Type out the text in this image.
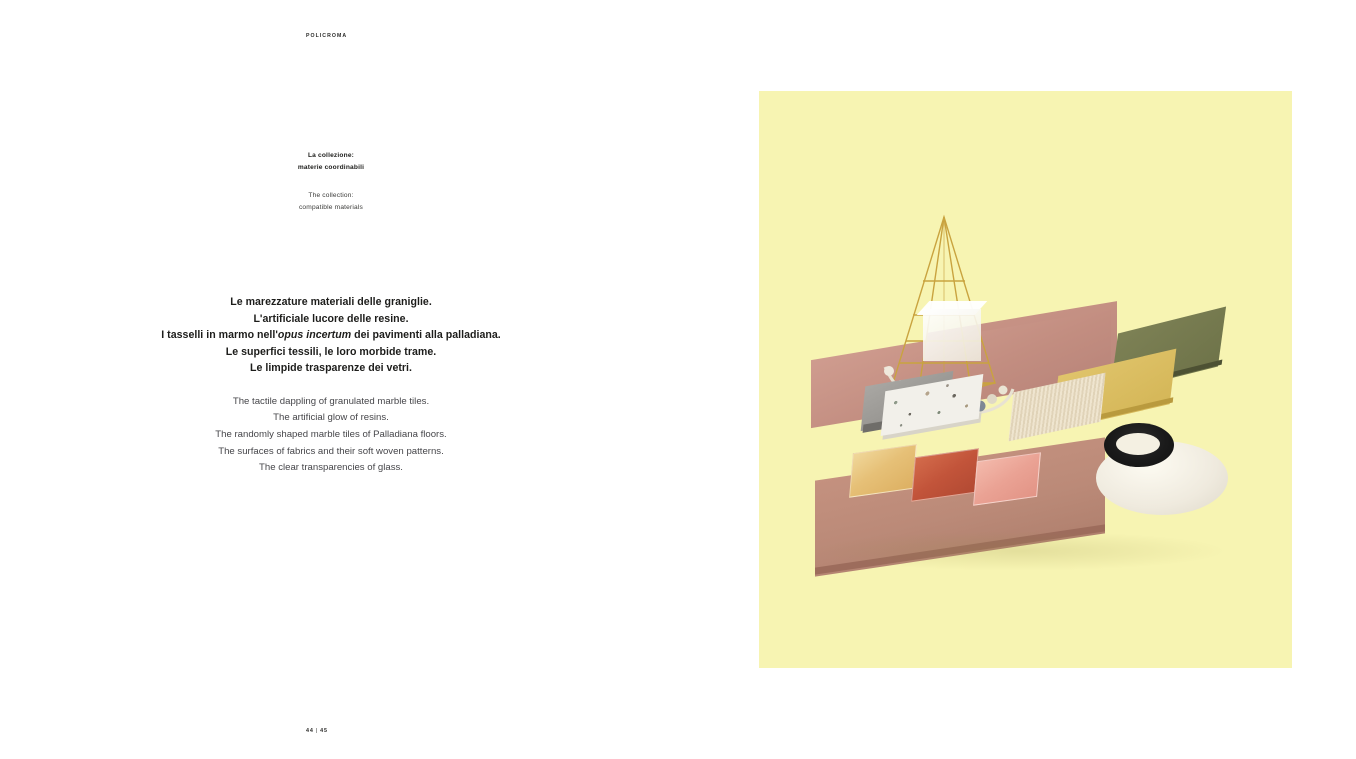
POLICROMA
La collezione:
materie coordinabili
The collection:
compatible materials
Le marezzature materiali delle graniglie.
L'artificiale lucore delle resine.
I tasselli in marmo nell'opus incertum dei pavimenti alla palladiana.
Le superfici tessili, le loro morbide trame.
Le limpide trasparenze dei vetri.
The tactile dappling of granulated marble tiles.
The artificial glow of resins.
The randomly shaped marble tiles of Palladiana floors.
The surfaces of fabrics and their soft woven patterns.
The clear transparencies of glass.
44 | 45
